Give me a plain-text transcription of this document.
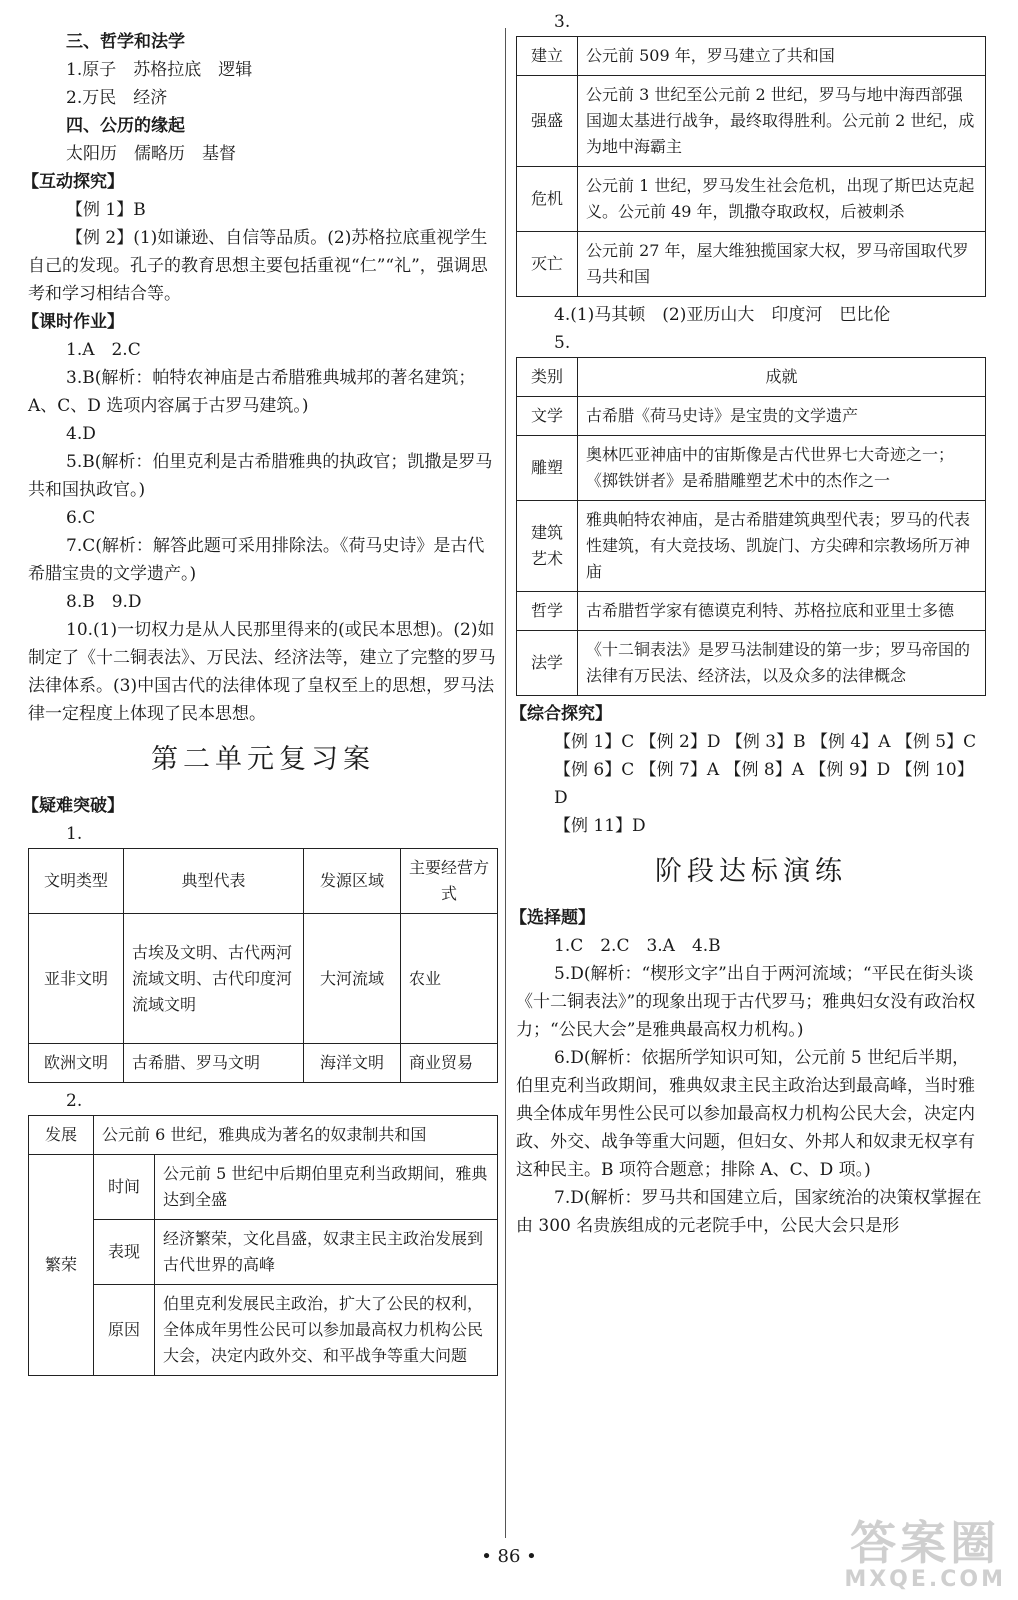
三、哲学和法学

1.原子　苏格拉底　逻辑

2.万民　经济

四、公历的缘起

太阳历　儒略历　基督

【互动探究】

【例 1】B

【例 2】(1)如谦逊、自信等品质。(2)苏格拉底重视学生自己的发现。孔子的教育思想主要包括重视“仁”“礼”，强调思考和学习相结合等。

【课时作业】

1.A　2.C

3.B(解析：帕特农神庙是古希腊雅典城邦的著名建筑；A、C、D 选项内容属于古罗马建筑。)

4.D

5.B(解析：伯里克利是古希腊雅典的执政官；凯撒是罗马共和国执政官。)

6.C

7.C(解析：解答此题可采用排除法。《荷马史诗》是古代希腊宝贵的文学遗产。)

8.B　9.D

10.(1)一切权力是从人民那里得来的(或民本思想)。(2)如制定了《十二铜表法》、万民法、经济法等，建立了完整的罗马法律体系。(3)中国古代的法律体现了皇权至上的思想，罗马法律一定程度上体现了民本思想。

第二单元复习案

【疑难突破】

1.

文明类型	典型代表	发源区域	主要经营方式
亚非文明	古埃及文明、古代两河流域文明、古代印度河流域文明	大河流域	农业
欧洲文明	古希腊、罗马文明	海洋文明	商业贸易

2.

发展	公元前 6 世纪，雅典成为著名的奴隶制共和国	
繁荣	时间	公元前 5 世纪中后期伯里克利当政期间，雅典达到全盛
	表现	经济繁荣，文化昌盛，奴隶主民主政治发展到古代世界的高峰
	原因	伯里克利发展民主政治，扩大了公民的权利，全体成年男性公民可以参加最高权力机构公民大会，决定内政外交、和平战争等重大问题

3.

建立	公元前 509 年，罗马建立了共和国
强盛	公元前 3 世纪至公元前 2 世纪，罗马与地中海西部强国迦太基进行战争，最终取得胜利。公元前 2 世纪，成为地中海霸主
危机	公元前 1 世纪，罗马发生社会危机，出现了斯巴达克起义。公元前 49 年，凯撒夺取政权，后被刺杀
灭亡	公元前 27 年，屋大维独揽国家大权，罗马帝国取代罗马共和国

4.(1)马其顿　(2)亚历山大　印度河　巴比伦

5.

类别	成就
文学	古希腊《荷马史诗》是宝贵的文学遗产
雕塑	奥林匹亚神庙中的宙斯像是古代世界七大奇迹之一；《掷铁饼者》是希腊雕塑艺术中的杰作之一
建筑艺术	雅典帕特农神庙，是古希腊建筑典型代表；罗马的代表性建筑，有大竞技场、凯旋门、方尖碑和宗教场所万神庙
哲学	古希腊哲学家有德谟克利特、苏格拉底和亚里士多德
法学	《十二铜表法》是罗马法制建设的第一步；罗马帝国的法律有万民法、经济法，以及众多的法律概念

【综合探究】

【例 1】C 【例 2】D 【例 3】B 【例 4】A 【例 5】C

【例 6】C 【例 7】A 【例 8】A 【例 9】D 【例 10】D

【例 11】D

阶段达标演练

【选择题】

1.C　2.C　3.A　4.B

5.D(解析：“楔形文字”出自于两河流域；“平民在街头谈《十二铜表法》”的现象出现于古代罗马；雅典妇女没有政治权力；“公民大会”是雅典最高权力机构。)

6.D(解析：依据所学知识可知，公元前 5 世纪后半期，伯里克利当政期间，雅典奴隶主民主政治达到最高峰，当时雅典全体成年男性公民可以参加最高权力机构公民大会，决定内政、外交、战争等重大问题，但妇女、外邦人和奴隶无权享有这种民主。B 项符合题意；排除 A、C、D 项。)

7.D(解析：罗马共和国建立后，国家统治的决策权掌握在由 300 名贵族组成的元老院手中，公民大会只是形

• 86 •	答案圈
MXQE.COM
